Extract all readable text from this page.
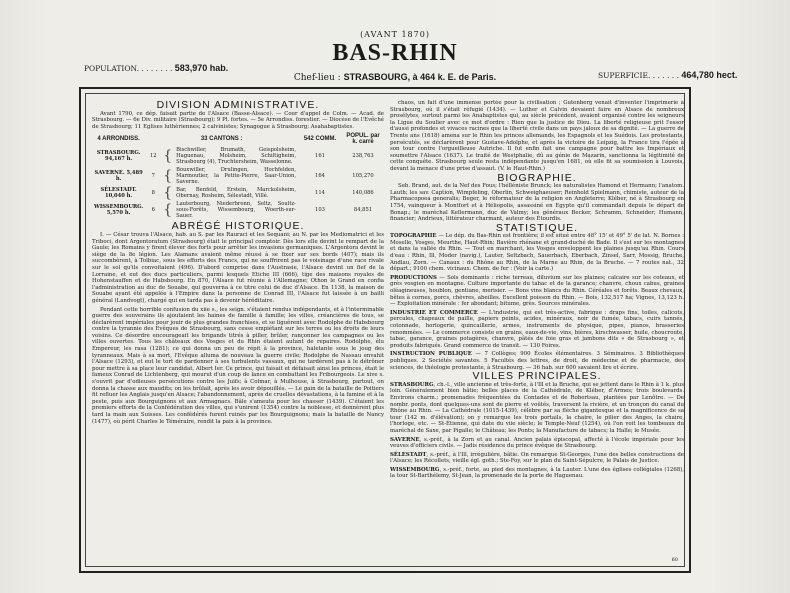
(AVANT 1870)
BAS-RHIN
POPULATION. . . . . . . . 583,970 hab.
Chef-lieu : STRASBOURG, à 464 k. E. de Paris.	SUPERFICIE. . . . . . . 464,780 hect.
DIVISION ADMINISTRATIVE.

Avant 1790, ce dép. faisait partie de l'Alsace (Basse-Alsace). — Cour d'appel de Colm. — Acad. de Strasbourg. — 6e Div. militaire (Strasbourg); 9 Pl. fortes. — 5e Arrondiss. forestier. — Diocèse de l'Evêché de Strasbourg; 11 Eglises luthériennes; 2 calvinistes; Synagogue à Strasbourg; Asahabaptistes.

4 ARRONDISS.	33 CANTONS :			542 COMM.	POPUL. par k. carré
STRASBOURG. 94,167 h.	12	{	Bischwiller, Brumath, Geispolsheim, Haguenau, Molsheim, Schiltigheim, Strasbourg (4), Truchtersheim, Wasselonne.	161	238,763
SAVERNE. 5,489 h.	7	{	Bouxwiller, Drulingen, Hochfelden, Marmoutier, la Petite-Pierre, Saar-Union, Saverne.	164	105,270
SÉLESTADT. 10,040 h.	8	{	Bar, Benfeld, Erstein, Marckolsheim, Obernay, Rosheim, Sélestadt, Villé.	114	140,086
WISSEMBOURG. 5,570 h.	6	{	Lauterbourg, Niederbronn, Seltz, Soultz-sous-Forêts, Wissembourg, Woerth-sur-Sauer.	103	84,851
ABRÉGÉ HISTORIQUE.

I. — César trouva l'Alsace, hab. au S. par les Rauraci et les Sequani; au N. par les Mediomatrici et les Triboci, dont Argentoratum (Strasbourg) était le principal comptoir. Dès lors elle devint le rempart de la Gaule; les Romains y firent élever des forts pour arrêter les invasions germaniques. L'Argentora devint le siège de la 8e légion. Les Alamans avaient même réussi à se fixer sur ses bords (407); mais ils succombèrent, à Tolbiac, sous les efforts des Francs, qui ne souffrirent pas le voisinage d'une race rivale sur le sol qu'ils convoitaient (496). D'abord comprise dans l'Austrasie, l'Alsace devint un fief de la Lorraine, et eut des ducs particuliers, parmi lesquels Etiche III (666), tige des maisons royales de Hohenstauffen et de Habsbourg. En 870, l'Alsace fut réunie à l'Allemagne; Othon le Grand en confia l'administration au duc de Souabe, qui gouverna à ce titre celui de duc d'Alsace. En 1138, la maison de Souabe ayant été appelée à l'Empire dans la personne de Conrad III, l'Alsace fut laissée à un bailli général (Landvogt), chargé qui en tarda pas à devenir héréditaire.

Pendant cette horrible confusion du xiie s., les seign. s'étaient rendus indépendants, et à l'interminable guerre des souverains ils ajoutaient les haines de famille à famille; les villes, créancières de tous, se déclarèrent impériales pour jouir de plus grandes franchises, et se liguèrent avec Rodolphe de Habsbourg contre la tyrannie des Evêques de Strasbourg, sans cesse empiétant sur les terres ou les droits de leurs voisins. Ce désordre encourageait les brigands titrés à piller, brûler, rançonner les campagnes ou les villes ouvertes. Tous les châteaux des Vosges et du Rhin étaient autant de repaires. Rodolphe, élu Empereur, les rasa (1281); ce qui donna un peu de répit à la province, haletante sous le joug des tyranneaux. Mais à sa mort, l'Evêque alluma de nouveau la guerre civile; Rodolphe de Nassau envahit l'Alsace (1293), et eut le tort de pardonner à ses turbulents vassaux, qui ne tardèrent pas à le détrôner pour mettre à sa place leur candidat, Albert Ier. Ce prince, qui faisait et défaisait ainsi les princes, était le fameux Conrad de Lichtenberg, qui mourut d'un coup de lance en combattant les Fribourgeois. Le xive s. s'ouvrit par d'odieuses persécutions contre les Juifs; à Colmar, à Mulhouse, à Strasbourg, partout, on donna la chasse aux maudits; on les brûlait, après les avoir dépouillés. — Le gain de la bataille de Poitiers fit refluer les Anglais jusqu'en Alsace; l'abandonnement, après de cruelles dévastations, à la famine et à la peste, puis aux Bourguignons et aux Armagnacs. Bâle s'ameuta pour les chasser (1439). C'étaient les premiers efforts de la Confédération des villes, qui s'unirent (1354) contre la noblesse, et donnèrent plus tard la main aux Suisses. Les confédérés furent ruinés par les Bourguignons; mais la bataille de Nancy (1477), où périt Charles le Téméraire, rendit la paix à la province.

chaos, un fait d'une immense portée pour la civilisation ; Gutenberg venait d'inventer l'imprimerie à Strasbourg, où il s'était réfugié (1434). — Luther et Calvin devaient faire en Alsace de nombreux prosélytes, surtout parmi les Anabaptistes qui, au siècle précédent, avaient organisé contre les seigneurs la Ligue du Soulier avec ce mot d'ordre : Rien que la justice de Dieu. La liberté religieuse prit l'essor d'aussi profondes et vivaces racines que la liberté civile dans un pays jaloux de sa dignité. — La guerre de Trente ans (1618) amena sur le Rhin les princes allemands, les Espagnols et les Suédois. Les protestants, persécutés, se déclarèrent pour Gustave-Adolphe, et après la victoire de Leipzig, la France tira l'épée à son tour contre l'orgueilleuse Autriche. Il fut enfin fait une campagne pour battre les Impériaux et soumettre l'Alsace (1637). Le traité de Westphalie, dû au génie de Mazarin, sanctionna la légitimité de cette conquête. Strasbourg seule resta indépendante jusqu'en 1681, où elle fit sa soumission à Louvois, devant la menace d'une prise d'assaut. (V. le Haut-Rhin.)

BIOGRAPHIE.

Seb. Brand, aut. de la Nef des Fous; l'hélléniste Brunck; les naturalistes Hamond et Hermann; l'anatom. Lauth; les sav. Caption, Wimpfeling, Oberlin, Schweighaeuser; Reinhold Spielmann, chimiste, auteur de la Pharmacopoea generalis; Beger, le réformateur de la religion en Angleterre; Kléber, né à Strasbourg en 1754, vainqueur à Montfort et à Héliopolis, assassiné en Egypte qu'il commandait depuis le départ de Bonap.; le maréchal Kellermann, duc de Valmy; les généraux Becker, Schramm, Schneider; Humann, financier; Andrieux, littérateur charmant, auteur des Étourdis.

STATISTIQUE.

TOPOGRAPHIE — Le dép. du Bas-Rhin est frontière; il est situé entre 48° 15' et 49° 5' de lat. N. Bornes : Moselle, Vosges, Meurthe, Haut-Rhin; Bavière rhénane et grand-duché de Bade. Il s'est sur les montagnes et dans la vallée du Rhin. — Tout en marchant, les Vosges enveloppent les plaines jusqu'au Rhin. Cours d'eau : Rhin, Ill, Moder (navig.), Lauter, Seltzbach, Sauerbach, Eberbach, Zinsel, Sarr, Mossig, Bruche, Andlau, Zorn. — Canaux : du Rhône au Rhin, de la Marne au Rhin, de la Bruche. — 7 routes nat., 32 départ.; 9100 chem. vicinaux. Chem. de fer : (Voir la carte.)

PRODUCTIONS — Sols dominants : riche terreau, diluvium sur les plaines; calcaire sur les coteaux, et grès vosgien en montagne. Culture importante du tabac et de la garance; chanvre, choux cabus, graines oléagineuses, houblon, gentiane, merisier. — Bons vins blancs du Rhin. Céréales et forêts. Beaux chevaux, bêtes à cornes, porcs, chèvres, abeilles. Excellent poisson du Rhin. — Bois, 132,517 ha; Vignes, 13,123 h. — Exploitation minérale : fer abondant; bitume, grès. Sources minérales.

INDUSTRIE ET COMMERCE — L'industrie, qui est très-active, fabrique : draps fins, toiles, calicots, percales, chapeaux de paille, papiers peints, acides, minéraux, noir de fumée, tabacs, cuirs tannés, cotonnade, horlogerie, quincaillerie, armes, instruments de physique, pipes, pianos, brasseries renommées. — Le commerce consiste en grains, eaux-de-vie, vins, bières, kirschwasser, huile, choucroute, tabac, garance, graines potagères, chanvre, pâtés de foie gras et jambons dits « de Strasbourg », et produits fabriqués. Grand commerce de transit. — 130 Foires.

INSTRUCTION PUBLIQUE — 7 Collèges; 900 Écoles élémentaires. 3 Séminaires. 3 Bibliothèques publiques. 2 Sociétés savantes. 5 Facultés des lettres, de droit, de médecine et de pharmacie, des sciences, de théologie protestante, à Strasbourg. — 36 hab. sur 600 savaient lire et écrire.

VILLES PRINCIPALES.

STRASBOURG, ch.-l., ville ancienne et très-forte, à l'Ill et la Bruche, qui se jettent dans le Rhin à 1 k. plus loin. Généralement bien bâtie; belles places de la Cathédrale, de Kléber, d'Armes; trois boulevards. Environs charm.; promenades fréquentées du Contades et de Robertsau, plantées par Lenôtre. — De nombr. ponts, dont quelques-uns sont de pierre et voûtés, traversent la rivière, et un tronçon du canal du Rhône au Rhin. — La Cathédrale (1015-1439), célèbre par sa flèche gigantesque et la magnificence de sa tour (142 m. d'élévation); on y remarque les trois portails, la chaire, le pilier des Anges, la chaire, l'horloge, etc. — St-Étienne, qui date du viie siècle; le Temple-Neuf (1254), où l'on voit les tombeaux du maréchal de Saxe, par Pigalle; le Château; les Ponts; la Manufacture de tabacs; la Halle; le Musée.

SAVERNE, s.-préf., à la Zorn et au canal. Ancien palais épiscopal, affecté à l'école impériale pour les veuves d'officiers civils. — Jadis résidence du prince évêque de Strasbourg.

SÉLESTADT, s.-préf., à l'Ill, irrégulière, bâtie. On remarque St-Georges, l'une des belles constructions de l'Alsace; les Récollets, vieille égl. goth.; Ste-Foy, sur le plan du Saint-Sépulcre, le Palais de Justice.

WISSEMBOURG, s.-préf., forte, au pied des montagnes, à la Lauter. L'une des églises collégiales (1268), la tour St-Barthélemy, St-Jean, la promenade de la porte de Haguenau.

60
